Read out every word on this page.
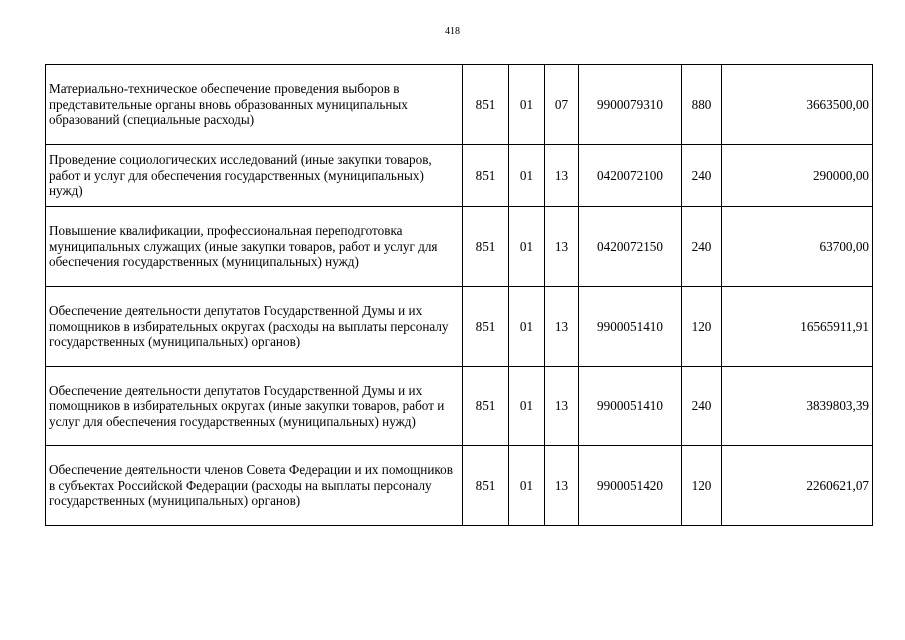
418
Материально-техническое обеспечение проведения выборов в представительные органы вновь образованных муниципальных образований (специальные расходы)	851	01	07	9900079310	880	3663500,00
Проведение социологических исследований (иные закупки товаров, работ и услуг для обеспечения государственных (муниципальных) нужд)	851	01	13	0420072100	240	290000,00
Повышение квалификации, профессиональная переподготовка муниципальных служащих (иные закупки товаров, работ и услуг для обеспечения государственных (муниципальных) нужд)	851	01	13	0420072150	240	63700,00
Обеспечение деятельности депутатов Государственной Думы и их помощников в избирательных округах (расходы на выплаты персоналу государственных (муниципальных) органов)	851	01	13	9900051410	120	16565911,91
Обеспечение деятельности депутатов Государственной Думы и их помощников в избирательных округах (иные закупки товаров, работ и услуг для обеспечения государственных (муниципальных) нужд)	851	01	13	9900051410	240	3839803,39
Обеспечение деятельности членов Совета Федерации и их помощников в субъектах Российской Федерации (расходы на выплаты персоналу государственных (муниципальных) органов)	851	01	13	9900051420	120	2260621,07
